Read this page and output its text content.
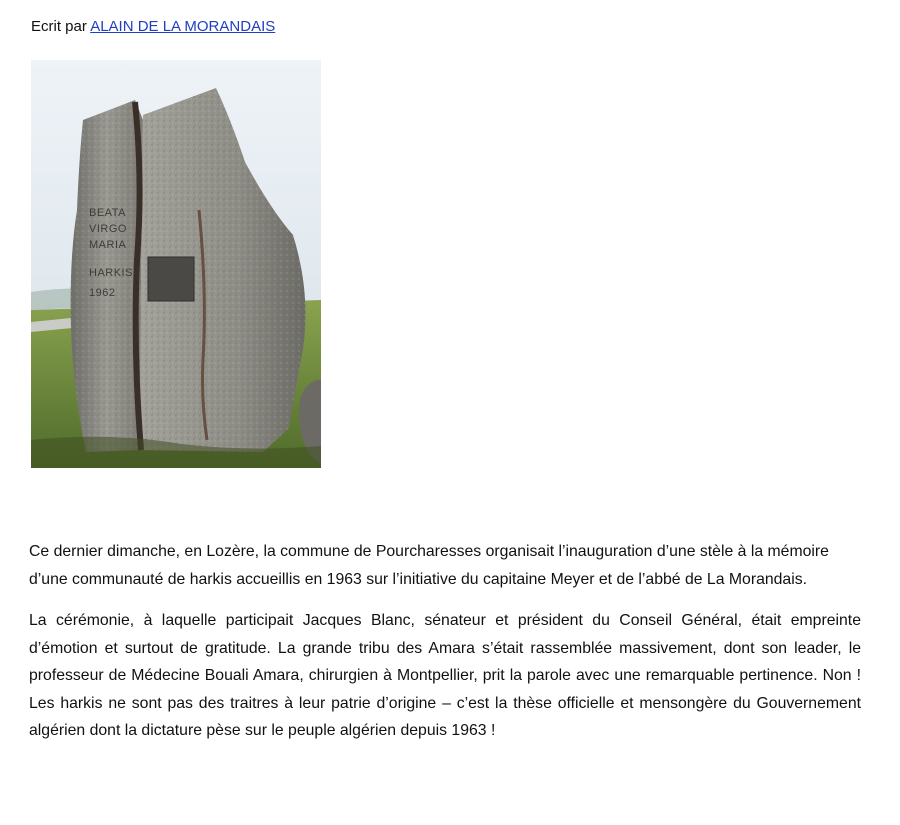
Ecrit par ALAIN DE LA MORANDAIS
BEATA
VIRGO
MARIA
HARKIS
1962

Ce dernier dimanche, en Lozère, la commune de Pourcharesses organisait l’inauguration d’une stèle à la mémoire d’une communauté de harkis accueillis en 1963 sur l’initiative du capitaine Meyer et de l’abbé de La Morandais.

La cérémonie, à laquelle participait Jacques Blanc, sénateur et président du Conseil Général, était empreinte d’émotion et surtout de gratitude. La grande tribu des Amara s’était rassemblée massivement, dont son leader, le professeur de Médecine Bouali Amara, chirurgien à Montpellier, prit la parole avec une remarquable pertinence. Non ! Les harkis ne sont pas des traitres à leur patrie d’origine – c’est la thèse officielle et mensongère du Gouvernement algérien dont la dictature pèse sur le peuple algérien depuis 1963 !
